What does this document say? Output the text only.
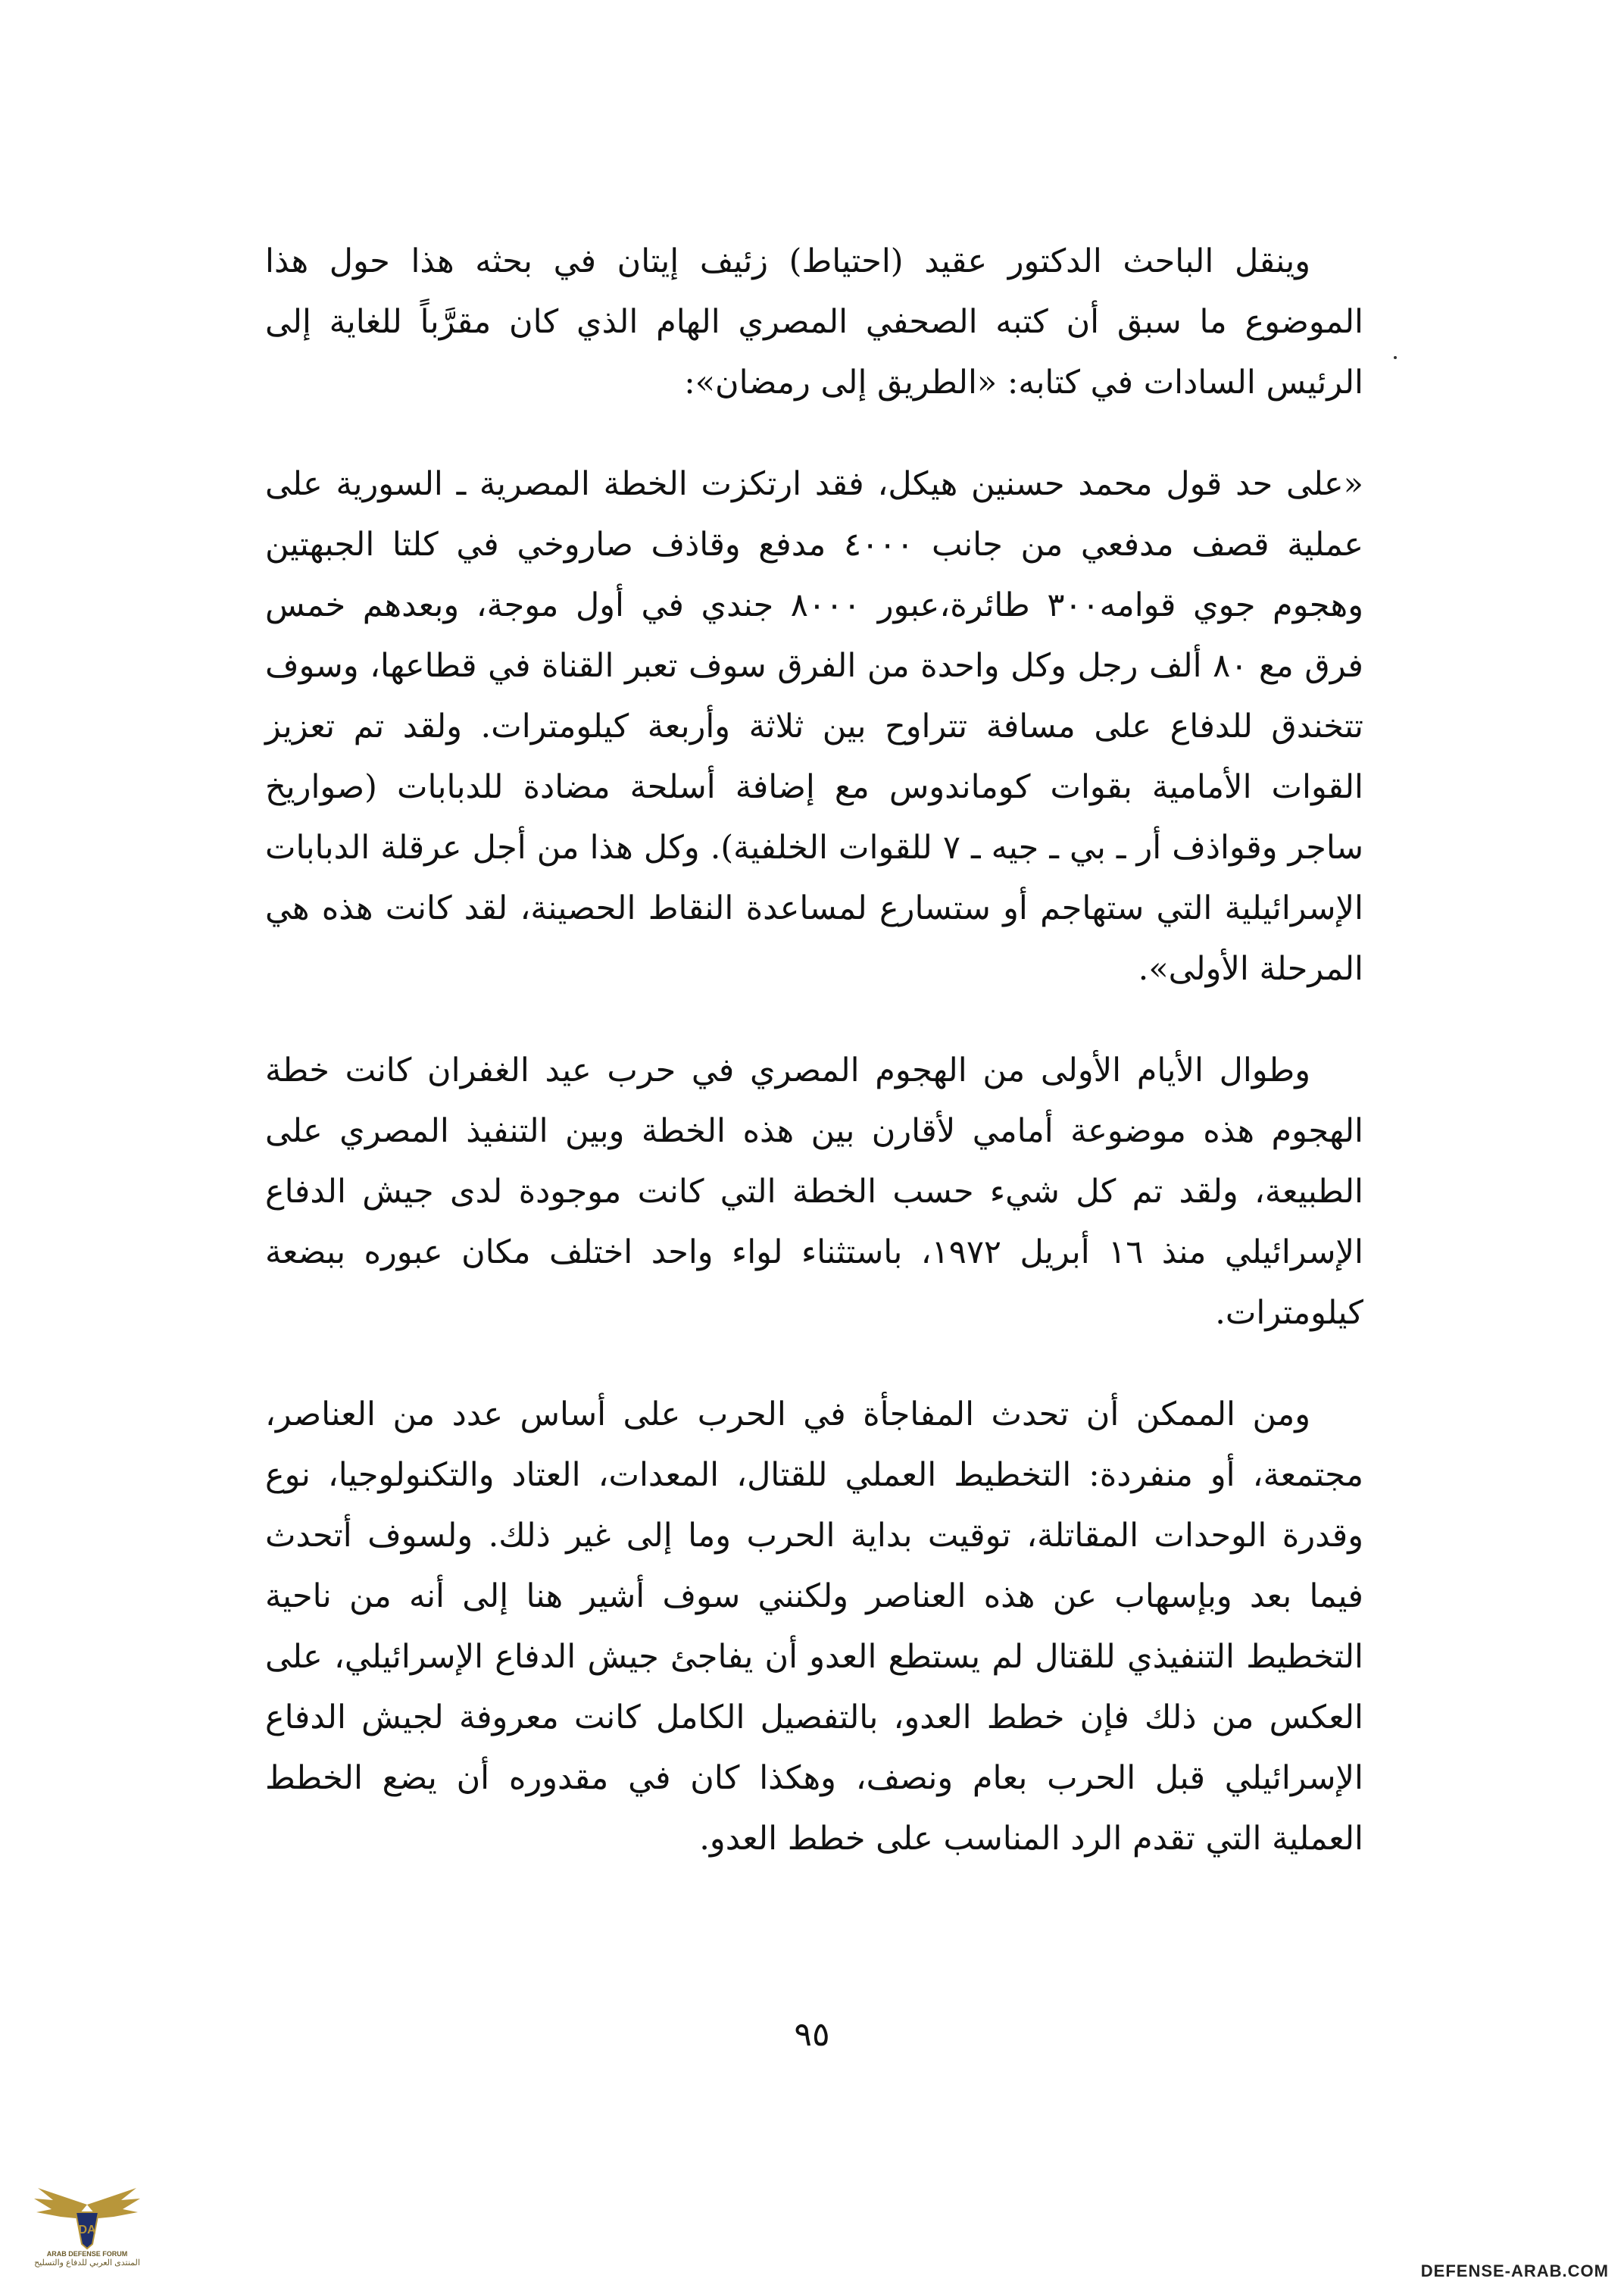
وينقل الباحث الدكتور عقيد (احتياط) زئيف إيتان في بحثه هذا حول هذا الموضوع ما سبق أن كتبه الصحفي المصري الهام الذي كان مقرَّباً للغاية إلى الرئيس السادات في كتابه: «الطريق إلى رمضان»:

«على حد قول محمد حسنين هيكل، فقد ارتكزت الخطة المصرية ـ السورية على عملية قصف مدفعي من جانب ٤٠٠٠ مدفع وقاذف صاروخي في كلتا الجبهتين وهجوم جوي قوامه٣٠٠ طائرة،عبور ٨٠٠٠ جندي في أول موجة، وبعدهم خمس فرق مع ٨٠ ألف رجل وكل واحدة من الفرق سوف تعبر القناة في قطاعها، وسوف تتخندق للدفاع على مسافة تتراوح بين ثلاثة وأربعة كيلومترات. ولقد تم تعزيز القوات الأمامية بقوات كوماندوس مع إضافة أسلحة مضادة للدبابات (صواريخ ساجر وقواذف أر ـ بي ـ جيه ـ ٧ للقوات الخلفية). وكل هذا من أجل عرقلة الدبابات الإسرائيلية التي ستهاجم أو ستسارع لمساعدة النقاط الحصينة، لقد كانت هذه هي المرحلة الأولى».

وطوال الأيام الأولى من الهجوم المصري في حرب عيد الغفران كانت خطة الهجوم هذه موضوعة أمامي لأقارن بين هذه الخطة وبين التنفيذ المصري على الطبيعة، ولقد تم كل شيء حسب الخطة التي كانت موجودة لدى جيش الدفاع الإسرائيلي منذ ١٦ أبريل ١٩٧٢، باستثناء لواء واحد اختلف مكان عبوره ببضعة كيلومترات.

ومن الممكن أن تحدث المفاجأة في الحرب على أساس عدد من العناصر، مجتمعة، أو منفردة: التخطيط العملي للقتال، المعدات، العتاد والتكنولوجيا، نوع وقدرة الوحدات المقاتلة، توقيت بداية الحرب وما إلى غير ذلك. ولسوف أتحدث فيما بعد وبإسهاب عن هذه العناصر ولكنني سوف أشير هنا إلى أنه من ناحية التخطيط التنفيذي للقتال لم يستطع العدو أن يفاجئ جيش الدفاع الإسرائيلي، على العكس من ذلك فإن خطط العدو، بالتفصيل الكامل كانت معروفة لجيش الدفاع الإسرائيلي قبل الحرب بعام ونصف، وهكذا كان في مقدوره أن يضع الخطط العملية التي تقدم الرد المناسب على خطط العدو.

٩٥
DA
ARAB DEFENSE FORUM
المنتدى العربي للدفاع والتسليح	DEFENSE-ARAB.COM
